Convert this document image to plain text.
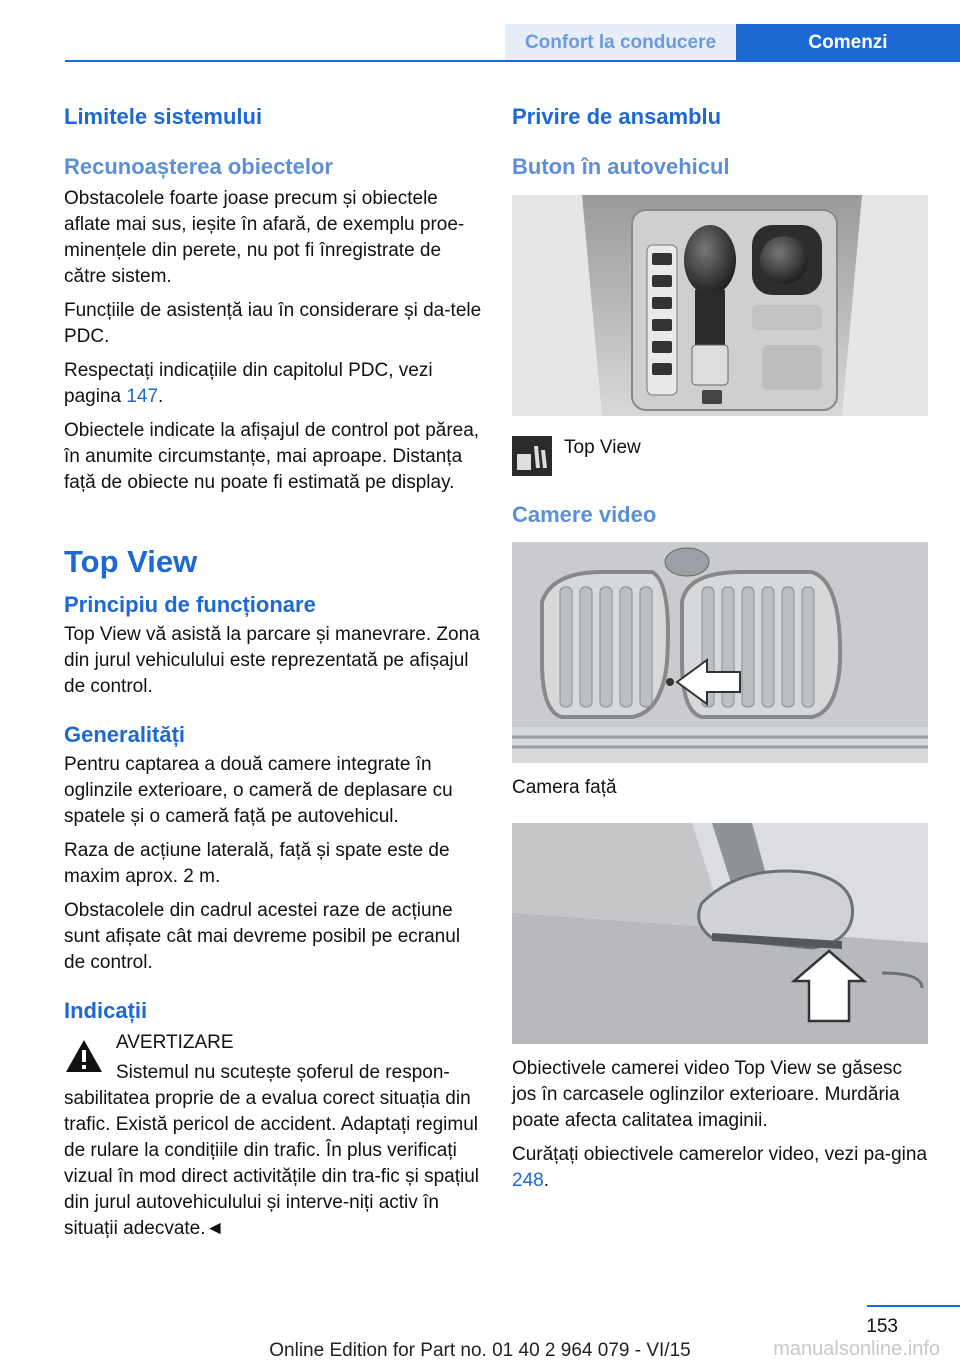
Confort la conducere	Comenzi
Limitele sistemului
Recunoașterea obiectelor

Obstacolele foarte joase precum și obiectele aflate mai sus, ieșite în afară, de exemplu proe-minențele din perete, nu pot fi înregistrate de către sistem.

Funcțiile de asistență iau în considerare și da-tele PDC.

Respectați indicațiile din capitolul PDC, vezi pagina 147.

Obiectele indicate la afișajul de control pot părea, în anumite circumstanțe, mai aproape. Distanța față de obiecte nu poate fi estimată pe display.

Top View
Principiu de funcționare

Top View vă asistă la parcare și manevrare. Zona din jurul vehiculului este reprezentată pe afișajul de control.

Generalități

Pentru captarea a două camere integrate în oglinzile exterioare, o cameră de deplasare cu spatele și o cameră față pe autovehicul.

Raza de acțiune laterală, față și spate este de maxim aprox. 2 m.

Obstacolele din cadrul acestei raze de acțiune sunt afișate cât mai devreme posibil pe ecranul de control.

Indicații

AVERTIZARE

Sistemul nu scutește șoferul de respon-

sabilitatea proprie de a evalua corect situația din trafic. Există pericol de accident. Adaptați regimul de rulare la condițiile din trafic. În plus verificați vizual în mod direct activitățile din tra-fic și spațiul din jurul autovehiculului și interve-niți activ în situații adecvate.◄

Privire de ansamblu
Buton în autovehicul

Top View

Camere video

Camera față

Obiectivele camerei video Top View se găsesc jos în carcasele oglinzilor exterioare. Murdăria poate afecta calitatea imaginii.

Curățați obiectivele camerelor video, vezi pa-gina 248.

153
Online Edition for Part no. 01 40 2 964 079 - VI/15	manualsonline.info
